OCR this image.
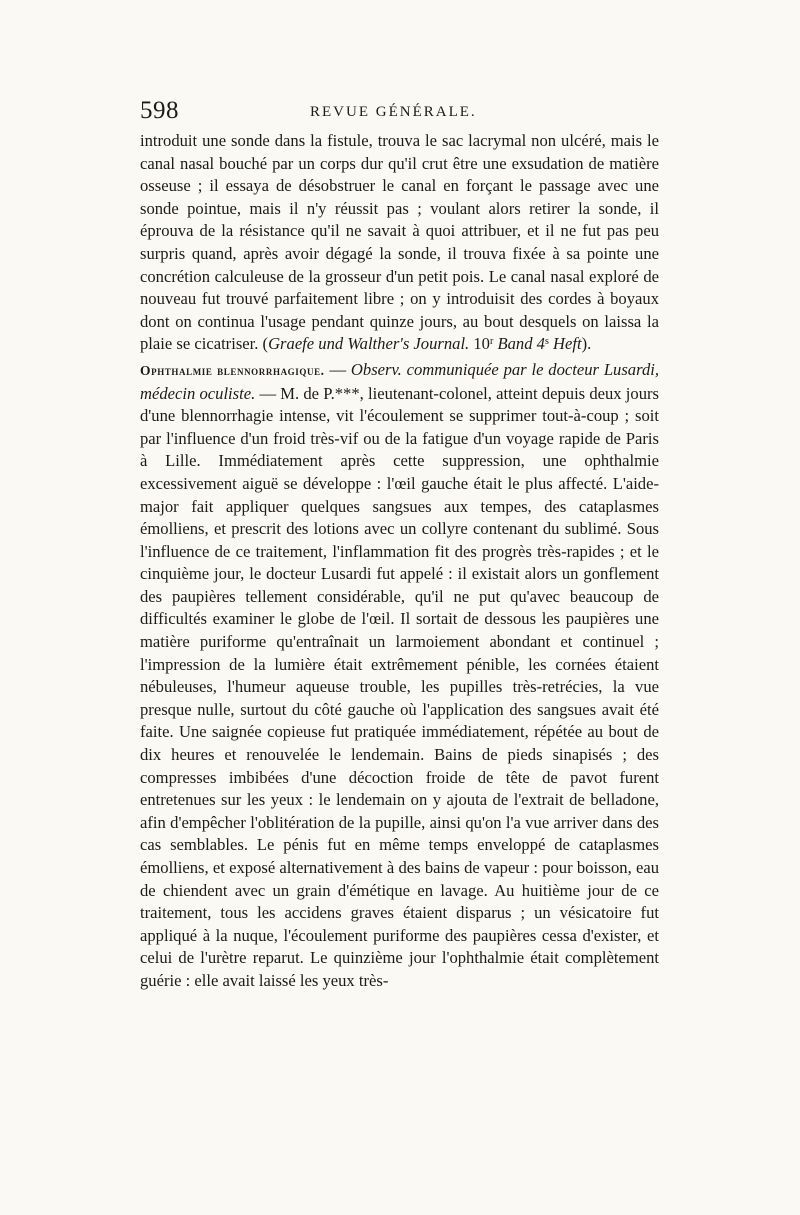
598	REVUE GÉNÉRALE.

introduit une sonde dans la fistule, trouva le sac lacrymal non ulcéré, mais le canal nasal bouché par un corps dur qu'il crut être une exsudation de matière osseuse ; il essaya de désobstruer le canal en forçant le passage avec une sonde pointue, mais il n'y réussit pas ; voulant alors retirer la sonde, il éprouva de la résistance qu'il ne savait à quoi attribuer, et il ne fut pas peu surpris quand, après avoir dégagé la sonde, il trouva fixée à sa pointe une concrétion calculeuse de la grosseur d'un petit pois. Le canal nasal exploré de nouveau fut trouvé parfaitement libre ; on y introduisit des cordes à boyaux dont on continua l'usage pendant quinze jours, au bout desquels on laissa la plaie se cicatriser. (Graefe und Walther's Journal. 10$^r$ Band 4$^s$ Heft).

Ophthalmie blennorrhagique. — Observ. communiquée par le docteur Lusardi, médecin oculiste. — M. de P.***, lieutenant-colonel, atteint depuis deux jours d'une blennorrhagie intense, vit l'écoulement se supprimer tout-à-coup ; soit par l'influence d'un froid très-vif ou de la fatigue d'un voyage rapide de Paris à Lille. Immédiatement après cette suppression, une ophthalmie excessivement aiguë se développe : l'œil gauche était le plus affecté. L'aide-major fait appliquer quelques sangsues aux tempes, des cataplasmes émolliens, et prescrit des lotions avec un collyre contenant du sublimé. Sous l'influence de ce traitement, l'inflammation fit des progrès très-rapides ; et le cinquième jour, le docteur Lusardi fut appelé : il existait alors un gonflement des paupières tellement considérable, qu'il ne put qu'avec beaucoup de difficultés examiner le globe de l'œil. Il sortait de dessous les paupières une matière puriforme qu'entraînait un larmoiement abondant et continuel ; l'impression de la lumière était extrêmement pénible, les cornées étaient nébuleuses, l'humeur aqueuse trouble, les pupilles très-retrécies, la vue presque nulle, surtout du côté gauche où l'application des sangsues avait été faite. Une saignée copieuse fut pratiquée immédiatement, répétée au bout de dix heures et renouvelée le lendemain. Bains de pieds sinapisés ; des compresses imbibées d'une décoction froide de tête de pavot furent entretenues sur les yeux : le lendemain on y ajouta de l'extrait de belladone, afin d'empêcher l'oblitération de la pupille, ainsi qu'on l'a vue arriver dans des cas semblables. Le pénis fut en même temps enveloppé de cataplasmes émolliens, et exposé alternativement à des bains de vapeur : pour boisson, eau de chiendent avec un grain d'émétique en lavage. Au huitième jour de ce traitement, tous les accidens graves étaient disparus ; un vésicatoire fut appliqué à la nuque, l'écoulement puriforme des paupières cessa d'exister, et celui de l'urètre reparut. Le quinzième jour l'ophthalmie était complètement guérie : elle avait laissé les yeux très-
